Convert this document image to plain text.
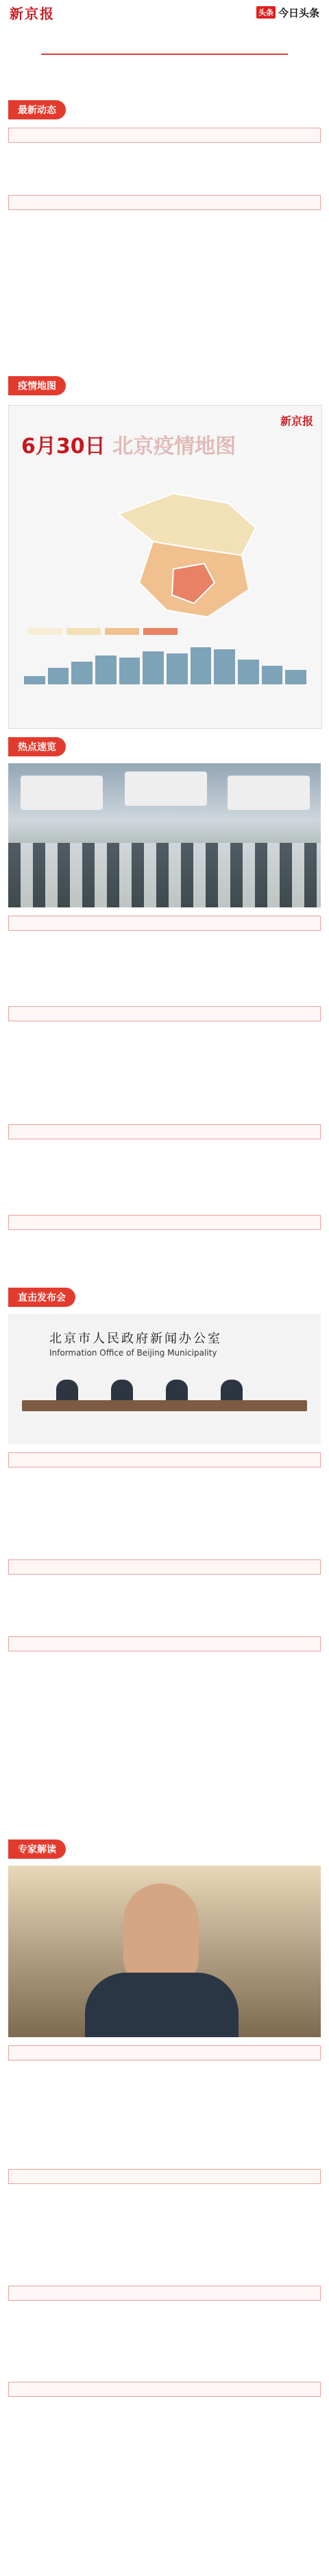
新京报	头条 今日头条
最新动态
疫情地图
新京报
6月30日 北京疫情地图
热点速览
直击发布会
北京市人民政府新闻办公室
Information Office of Beijing Municipality
专家解读
